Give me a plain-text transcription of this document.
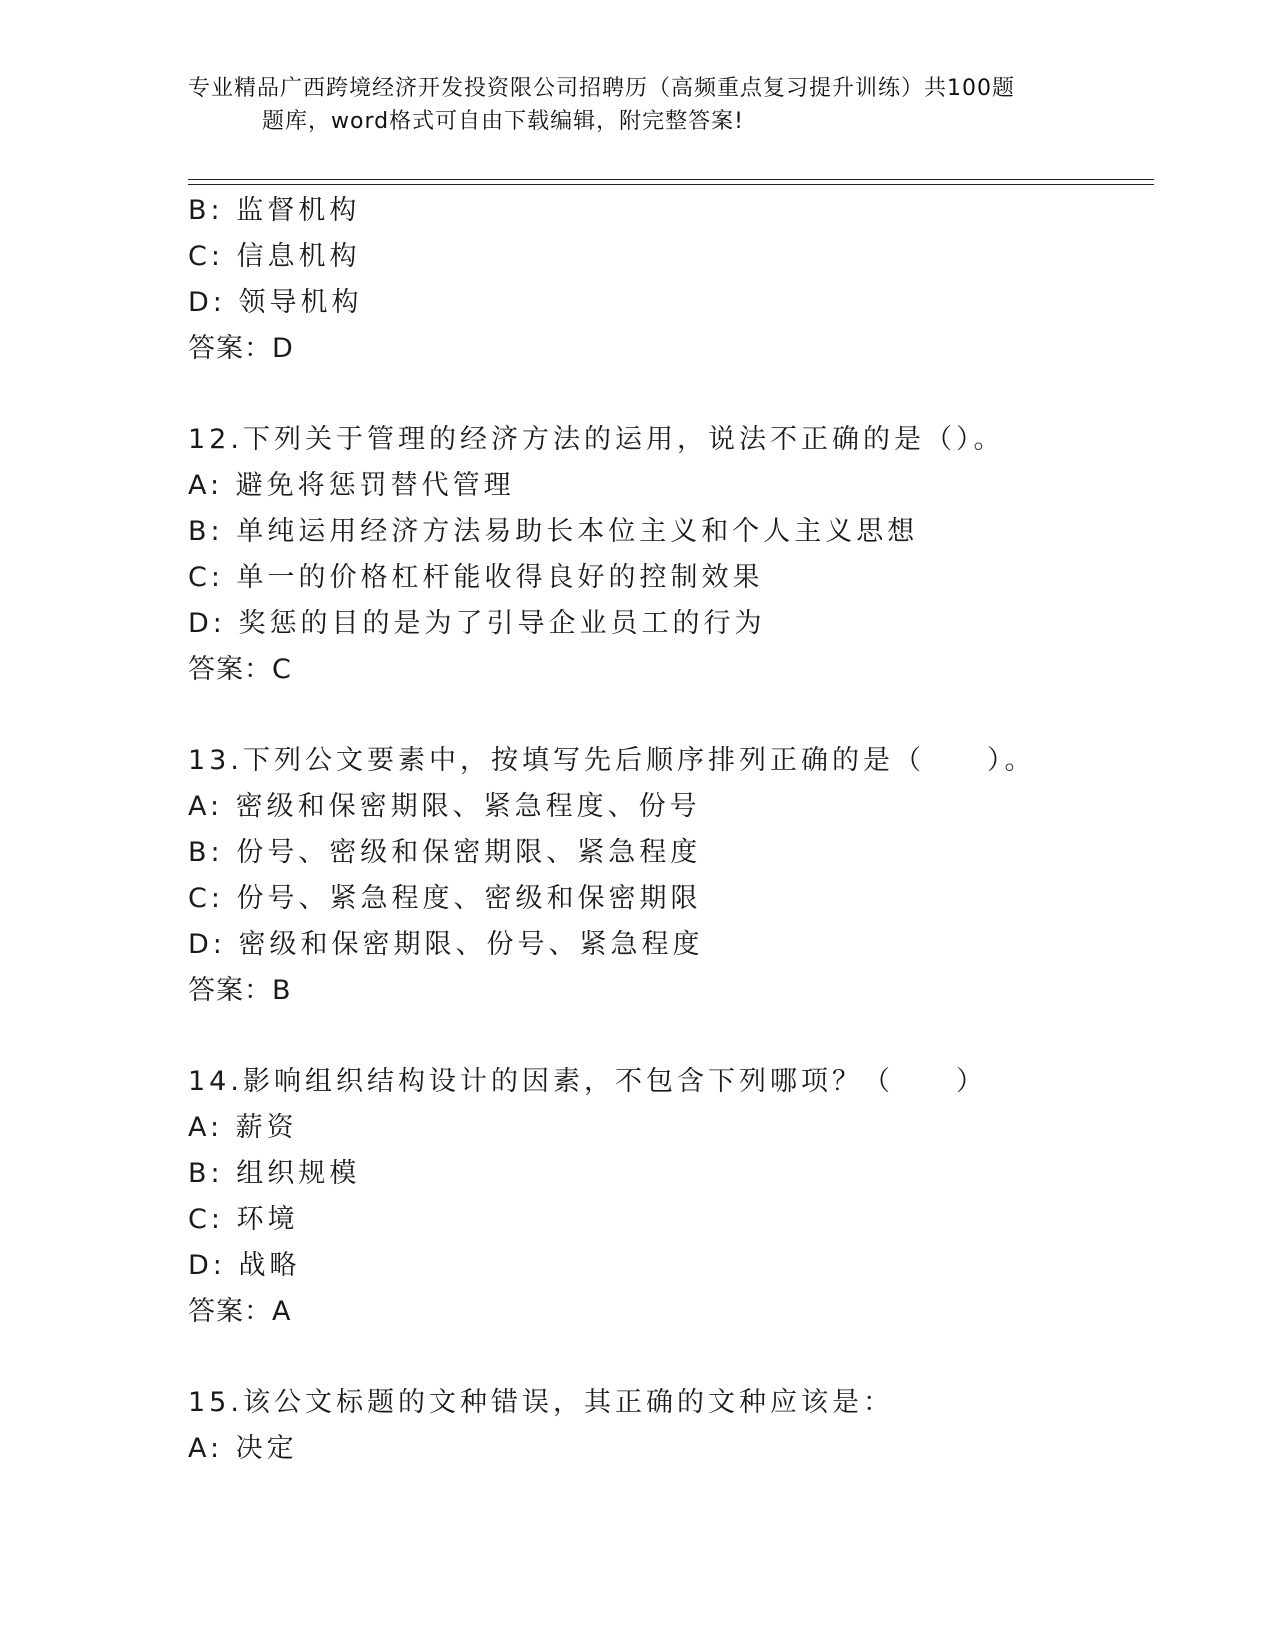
专业精品广西跨境经济开发投资限公司招聘历（高频重点复习提升训练）共100题
题库，word格式可自由下载编辑，附完整答案!
B: 监督机构
C: 信息机构
D: 领导机构
答案：D
12.下列关于管理的经济方法的运用，说法不正确的是（）。
A: 避免将惩罚替代管理
B: 单纯运用经济方法易助长本位主义和个人主义思想
C: 单一的价格杠杆能收得良好的控制效果
D: 奖惩的目的是为了引导企业员工的行为
答案：C
13.下列公文要素中，按填写先后顺序排列正确的是（　　）。
A: 密级和保密期限、紧急程度、份号
B: 份号、密级和保密期限、紧急程度
C: 份号、紧急程度、密级和保密期限
D: 密级和保密期限、份号、紧急程度
答案：B
14.影响组织结构设计的因素，不包含下列哪项？（　　）
A: 薪资
B: 组织规模
C: 环境
D: 战略
答案：A
15.该公文标题的文种错误，其正确的文种应该是：
A: 决定
